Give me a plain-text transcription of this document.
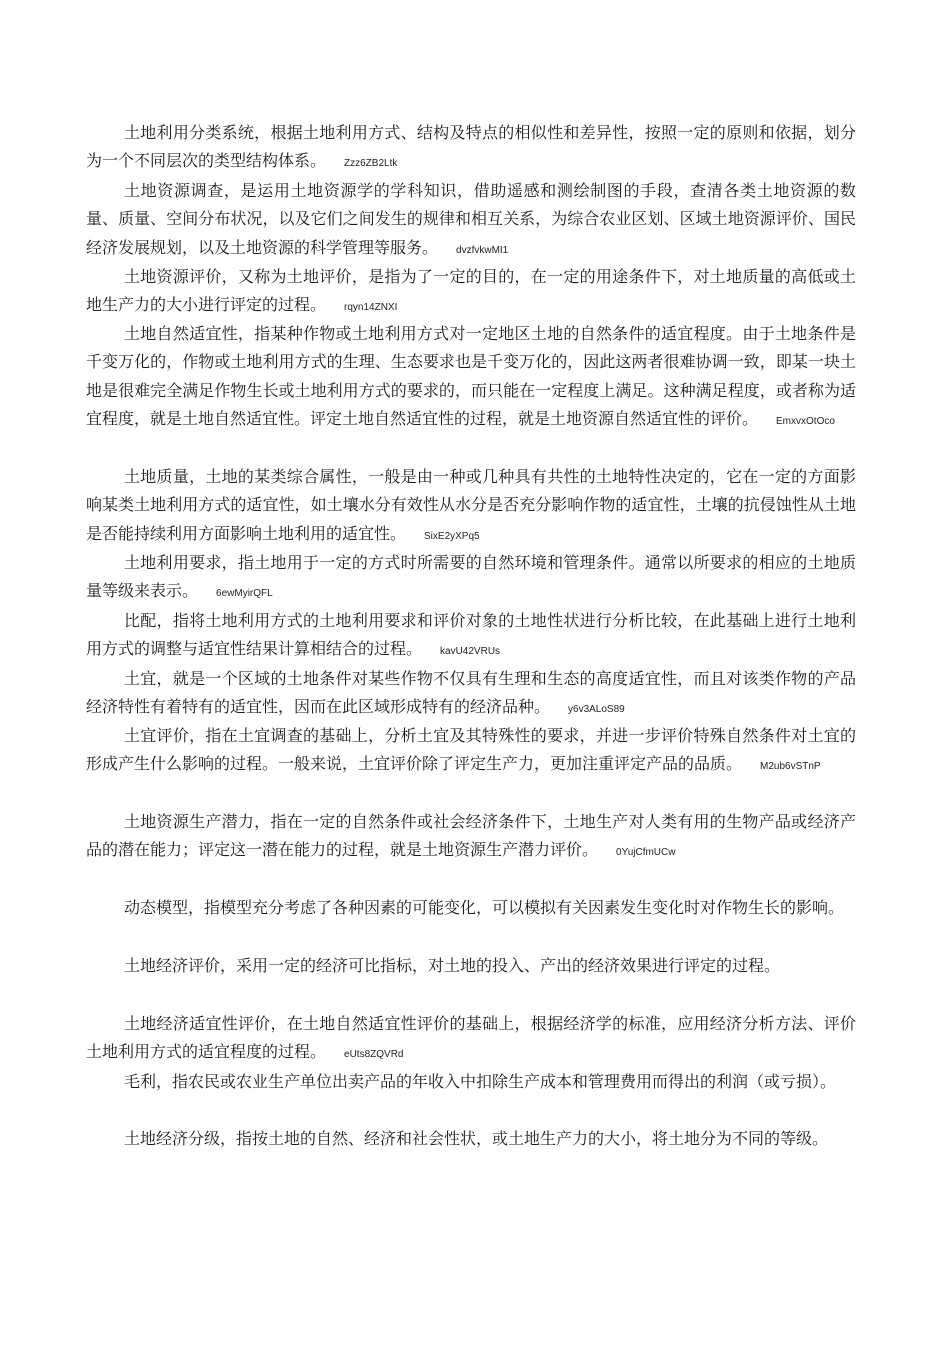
土地利用分类系统，根据土地利用方式、结构及特点的相似性和差异性，按照一定的原则和依据，划分为一个不同层次的类型结构体系。 Zzz6ZB2Ltk

土地资源调查，是运用土地资源学的学科知识，借助遥感和测绘制图的手段，查清各类土地资源的数量、质量、空间分布状况，以及它们之间发生的规律和相互关系，为综合农业区划、区域土地资源评价、国民经济发展规划，以及土地资源的科学管理等服务。 dvzfvkwMI1

土地资源评价，又称为土地评价，是指为了一定的目的，在一定的用途条件下，对土地质量的高低或土地生产力的大小进行评定的过程。 rqyn14ZNXI

土地自然适宜性，指某种作物或土地利用方式对一定地区土地的自然条件的适宜程度。由于土地条件是千变万化的，作物或土地利用方式的生理、生态要求也是千变万化的，因此这两者很难协调一致，即某一块土地是很难完全满足作物生长或土地利用方式的要求的，而只能在一定程度上满足。这种满足程度，或者称为适宜程度，就是土地自然适宜性。评定土地自然适宜性的过程，就是土地资源自然适宜性的评价。 EmxvxOtOco

土地质量，土地的某类综合属性，一般是由一种或几种具有共性的土地特性决定的，它在一定的方面影响某类土地利用方式的适宜性，如土壤水分有效性从水分是否充分影响作物的适宜性，土壤的抗侵蚀性从土地是否能持续利用方面影响土地利用的适宜性。 SixE2yXPq5

土地利用要求，指土地用于一定的方式时所需要的自然环境和管理条件。通常以所要求的相应的土地质量等级来表示。 6ewMyirQFL

比配，指将土地利用方式的土地利用要求和评价对象的土地性状进行分析比较，在此基础上进行土地利用方式的调整与适宜性结果计算相结合的过程。 kavU42VRUs

土宜，就是一个区域的土地条件对某些作物不仅具有生理和生态的高度适宜性，而且对该类作物的产品经济特性有着特有的适宜性，因而在此区域形成特有的经济品种。 y6v3ALoS89

土宜评价，指在土宜调查的基础上，分析土宜及其特殊性的要求，并进一步评价特殊自然条件对土宜的形成产生什么影响的过程。一般来说，土宜评价除了评定生产力，更加注重评定产品的品质。 M2ub6vSTnP

土地资源生产潜力，指在一定的自然条件或社会经济条件下，土地生产对人类有用的生物产品或经济产品的潜在能力；评定这一潜在能力的过程，就是土地资源生产潜力评价。 0YujCfmUCw

动态模型，指模型充分考虑了各种因素的可能变化，可以模拟有关因素发生变化时对作物生长的影响。

土地经济评价，采用一定的经济可比指标，对土地的投入、产出的经济效果进行评定的过程。

土地经济适宜性评价，在土地自然适宜性评价的基础上，根据经济学的标准，应用经济分析方法、评价土地利用方式的适宜程度的过程。 eUts8ZQVRd

毛利，指农民或农业生产单位出卖产品的年收入中扣除生产成本和管理费用而得出的利润（或亏损）。

土地经济分级，指按土地的自然、经济和社会性状，或土地生产力的大小，将土地分为不同的等级。
